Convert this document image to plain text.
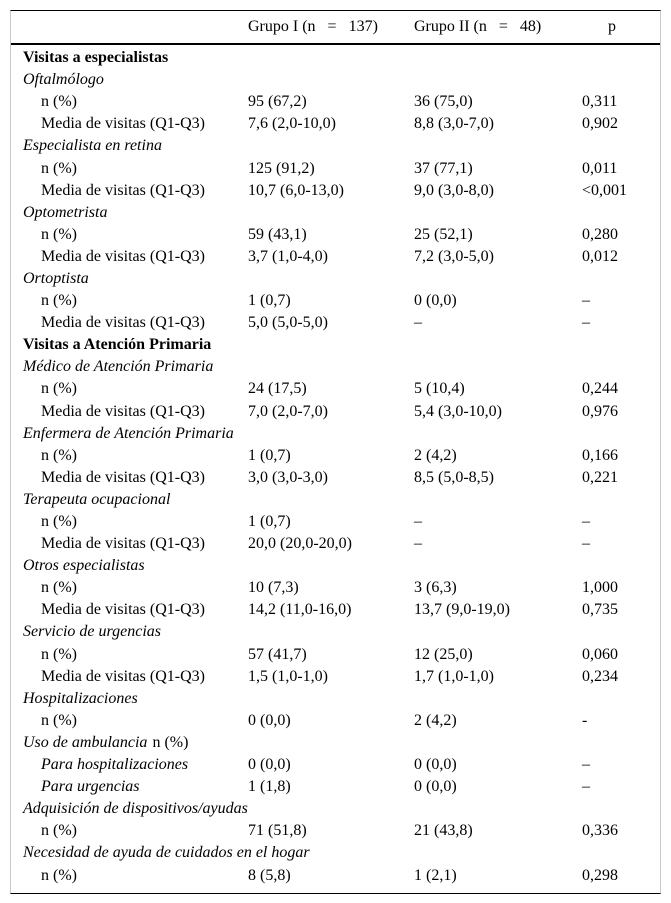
Grupo I (n   =   137)	Grupo II (n   =   48)	p
Visitas a especialistas
Oftalmólogo
n (%)	95 (67,2)	36 (75,0)	0,311
Media de visitas (Q1-Q3)	7,6 (2,0-10,0)	8,8 (3,0-7,0)	0,902
Especialista en retina
n (%)	125 (91,2)	37 (77,1)	0,011
Media de visitas (Q1-Q3)	10,7 (6,0-13,0)	9,0 (3,0-8,0)	<0,001
Optometrista
n (%)	59 (43,1)	25 (52,1)	0,280
Media de visitas (Q1-Q3)	3,7 (1,0-4,0)	7,2 (3,0-5,0)	0,012
Ortoptista
n (%)	1 (0,7)	0 (0,0)	–
Media de visitas (Q1-Q3)	5,0 (5,0-5,0)	–	–
Visitas a Atención Primaria
Médico de Atención Primaria
n (%)	24 (17,5)	5 (10,4)	0,244
Media de visitas (Q1-Q3)	7,0 (2,0-7,0)	5,4 (3,0-10,0)	0,976
Enfermera de Atención Primaria
n (%)	1 (0,7)	2 (4,2)	0,166
Media de visitas (Q1-Q3)	3,0 (3,0-3,0)	8,5 (5,0-8,5)	0,221
Terapeuta ocupacional
n (%)	1 (0,7)	–	–
Media de visitas (Q1-Q3)	20,0 (20,0-20,0)	–	–
Otros especialistas
n (%)	10 (7,3)	3 (6,3)	1,000
Media de visitas (Q1-Q3)	14,2 (11,0-16,0)	13,7 (9,0-19,0)	0,735
Servicio de urgencias
n (%)	57 (41,7)	12 (25,0)	0,060
Media de visitas (Q1-Q3)	1,5 (1,0-1,0)	1,7 (1,0-1,0)	0,234
Hospitalizaciones
n (%)	0 (0,0)	2 (4,2)	-
Uso de ambulancia n (%)
Para hospitalizaciones	0 (0,0)	0 (0,0)	–
Para urgencias	1 (1,8)	0 (0,0)	–
Adquisición de dispositivos/ayudas
n (%)	71 (51,8)	21 (43,8)	0,336
Necesidad de ayuda de cuidados en el hogar
n (%)	8 (5,8)	1 (2,1)	0,298
